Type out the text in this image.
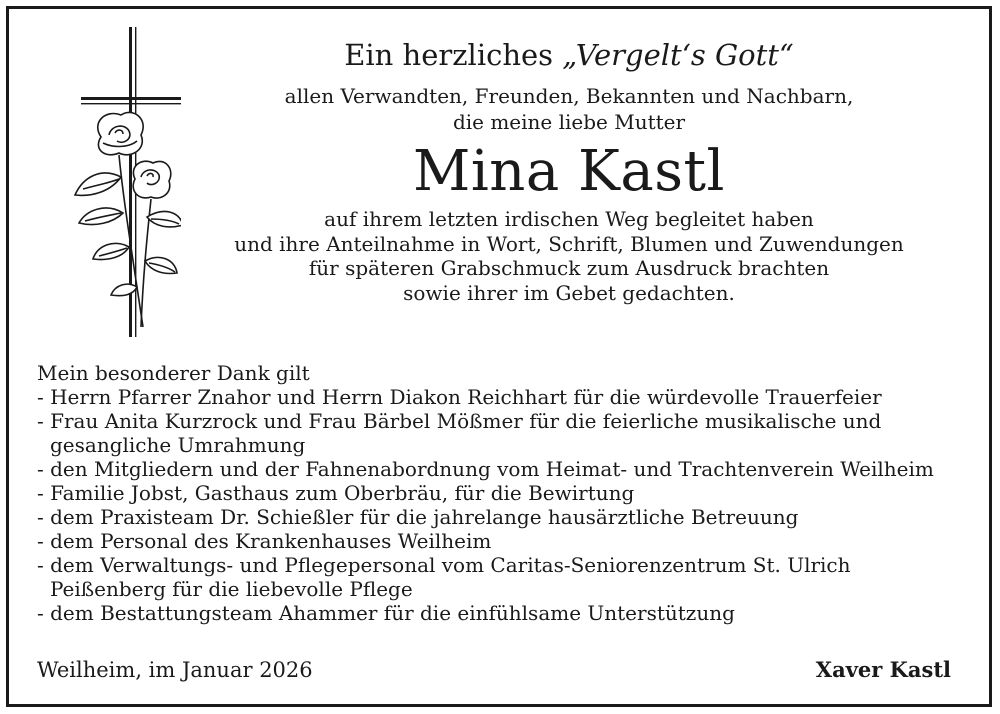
Ein herzliches „Vergelt‘s Gott“

allen Verwandten, Freunden, Bekannten und Nachbarn,

die meine liebe Mutter

Mina Kastl

auf ihrem letzten irdischen Weg begleitet haben

und ihre Anteilnahme in Wort, Schrift, Blumen und Zuwendungen

für späteren Grabschmuck zum Ausdruck brachten

sowie ihrer im Gebet gedachten.

Mein besonderer Dank gilt
- Herrn Pfarrer Znahor und Herrn Diakon Reichhart für die würdevolle Trauerfeier
- Frau Anita Kurzrock und Frau Bärbel Mößmer für die feierliche musikalische und
gesangliche Umrahmung
- den Mitgliedern und der Fahnenabordnung vom Heimat- und Trachtenverein Weilheim
- Familie Jobst, Gasthaus zum Oberbräu, für die Bewirtung
- dem Praxisteam Dr. Schießler für die jahrelange hausärztliche Betreuung
- dem Personal des Krankenhauses Weilheim
- dem Verwaltungs- und Pflegepersonal vom Caritas-Seniorenzentrum St. Ulrich
Peißenberg für die liebevolle Pflege
- dem Bestattungsteam Ahammer für die einfühlsame Unterstützung
Weilheim, im Januar 2026	Xaver Kastl
